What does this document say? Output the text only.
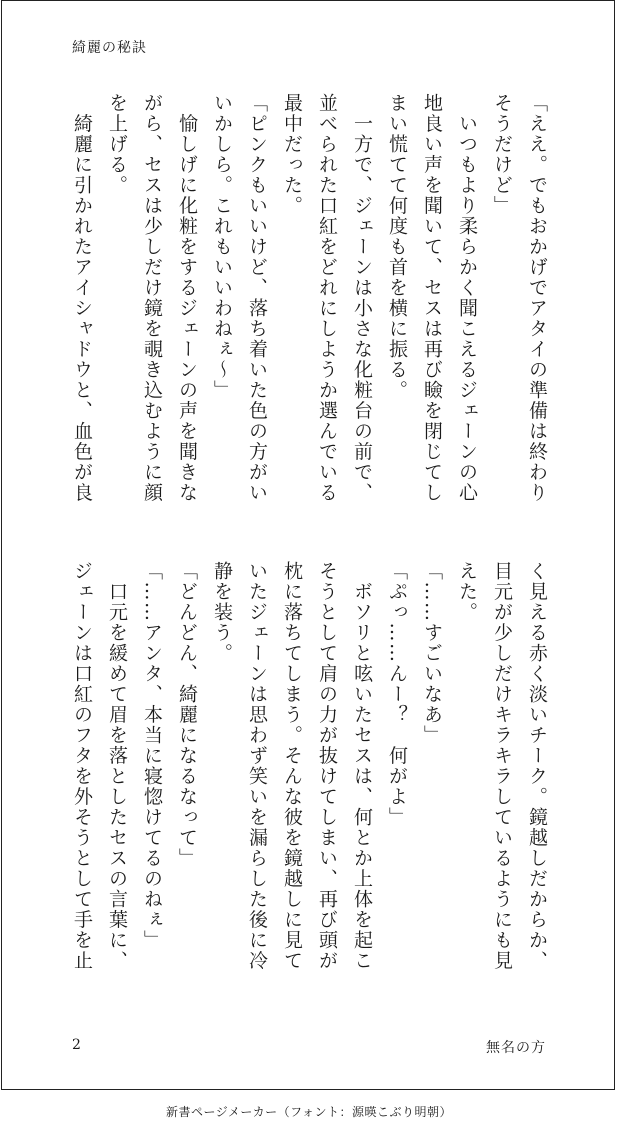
綺麗の秘訣
「ええ。でもおかげでアタイの準備は終わり
そうだけど」
　いつもより柔らかく聞こえるジェーンの心
地良い声を聞いて、セスは再び瞼を閉じてし
まい慌てて何度も首を横に振る。
　一方で、ジェーンは小さな化粧台の前で、
並べられた口紅をどれにしようか選んでいる
最中だった。
「ピンクもいいけど、落ち着いた色の方がい
いかしら。これもいいわねぇ～」
　愉しげに化粧をするジェーンの声を聞きな
がら、セスは少しだけ鏡を覗き込むように顔
を上げる。
　綺麗に引かれたアイシャドウと、血色が良
く見える赤く淡いチーク。鏡越しだからか、
目元が少しだけキラキラしているようにも見
えた。
「……すごいなあ」
「ぷっ……んー？　何がよ」
　ボソリと呟いたセスは、何とか上体を起こ
そうとして肩の力が抜けてしまい、再び頭が
枕に落ちてしまう。そんな彼を鏡越しに見て
いたジェーンは思わず笑いを漏らした後に冷
静を装う。
「どんどん、綺麗になるなって」
「……アンタ、本当に寝惚けてるのねぇ」
　口元を緩めて眉を落としたセスの言葉に、
ジェーンは口紅のフタを外そうとして手を止
2	無名の方
新書ページメーカー（フォント：源暎こぶり明朝）
